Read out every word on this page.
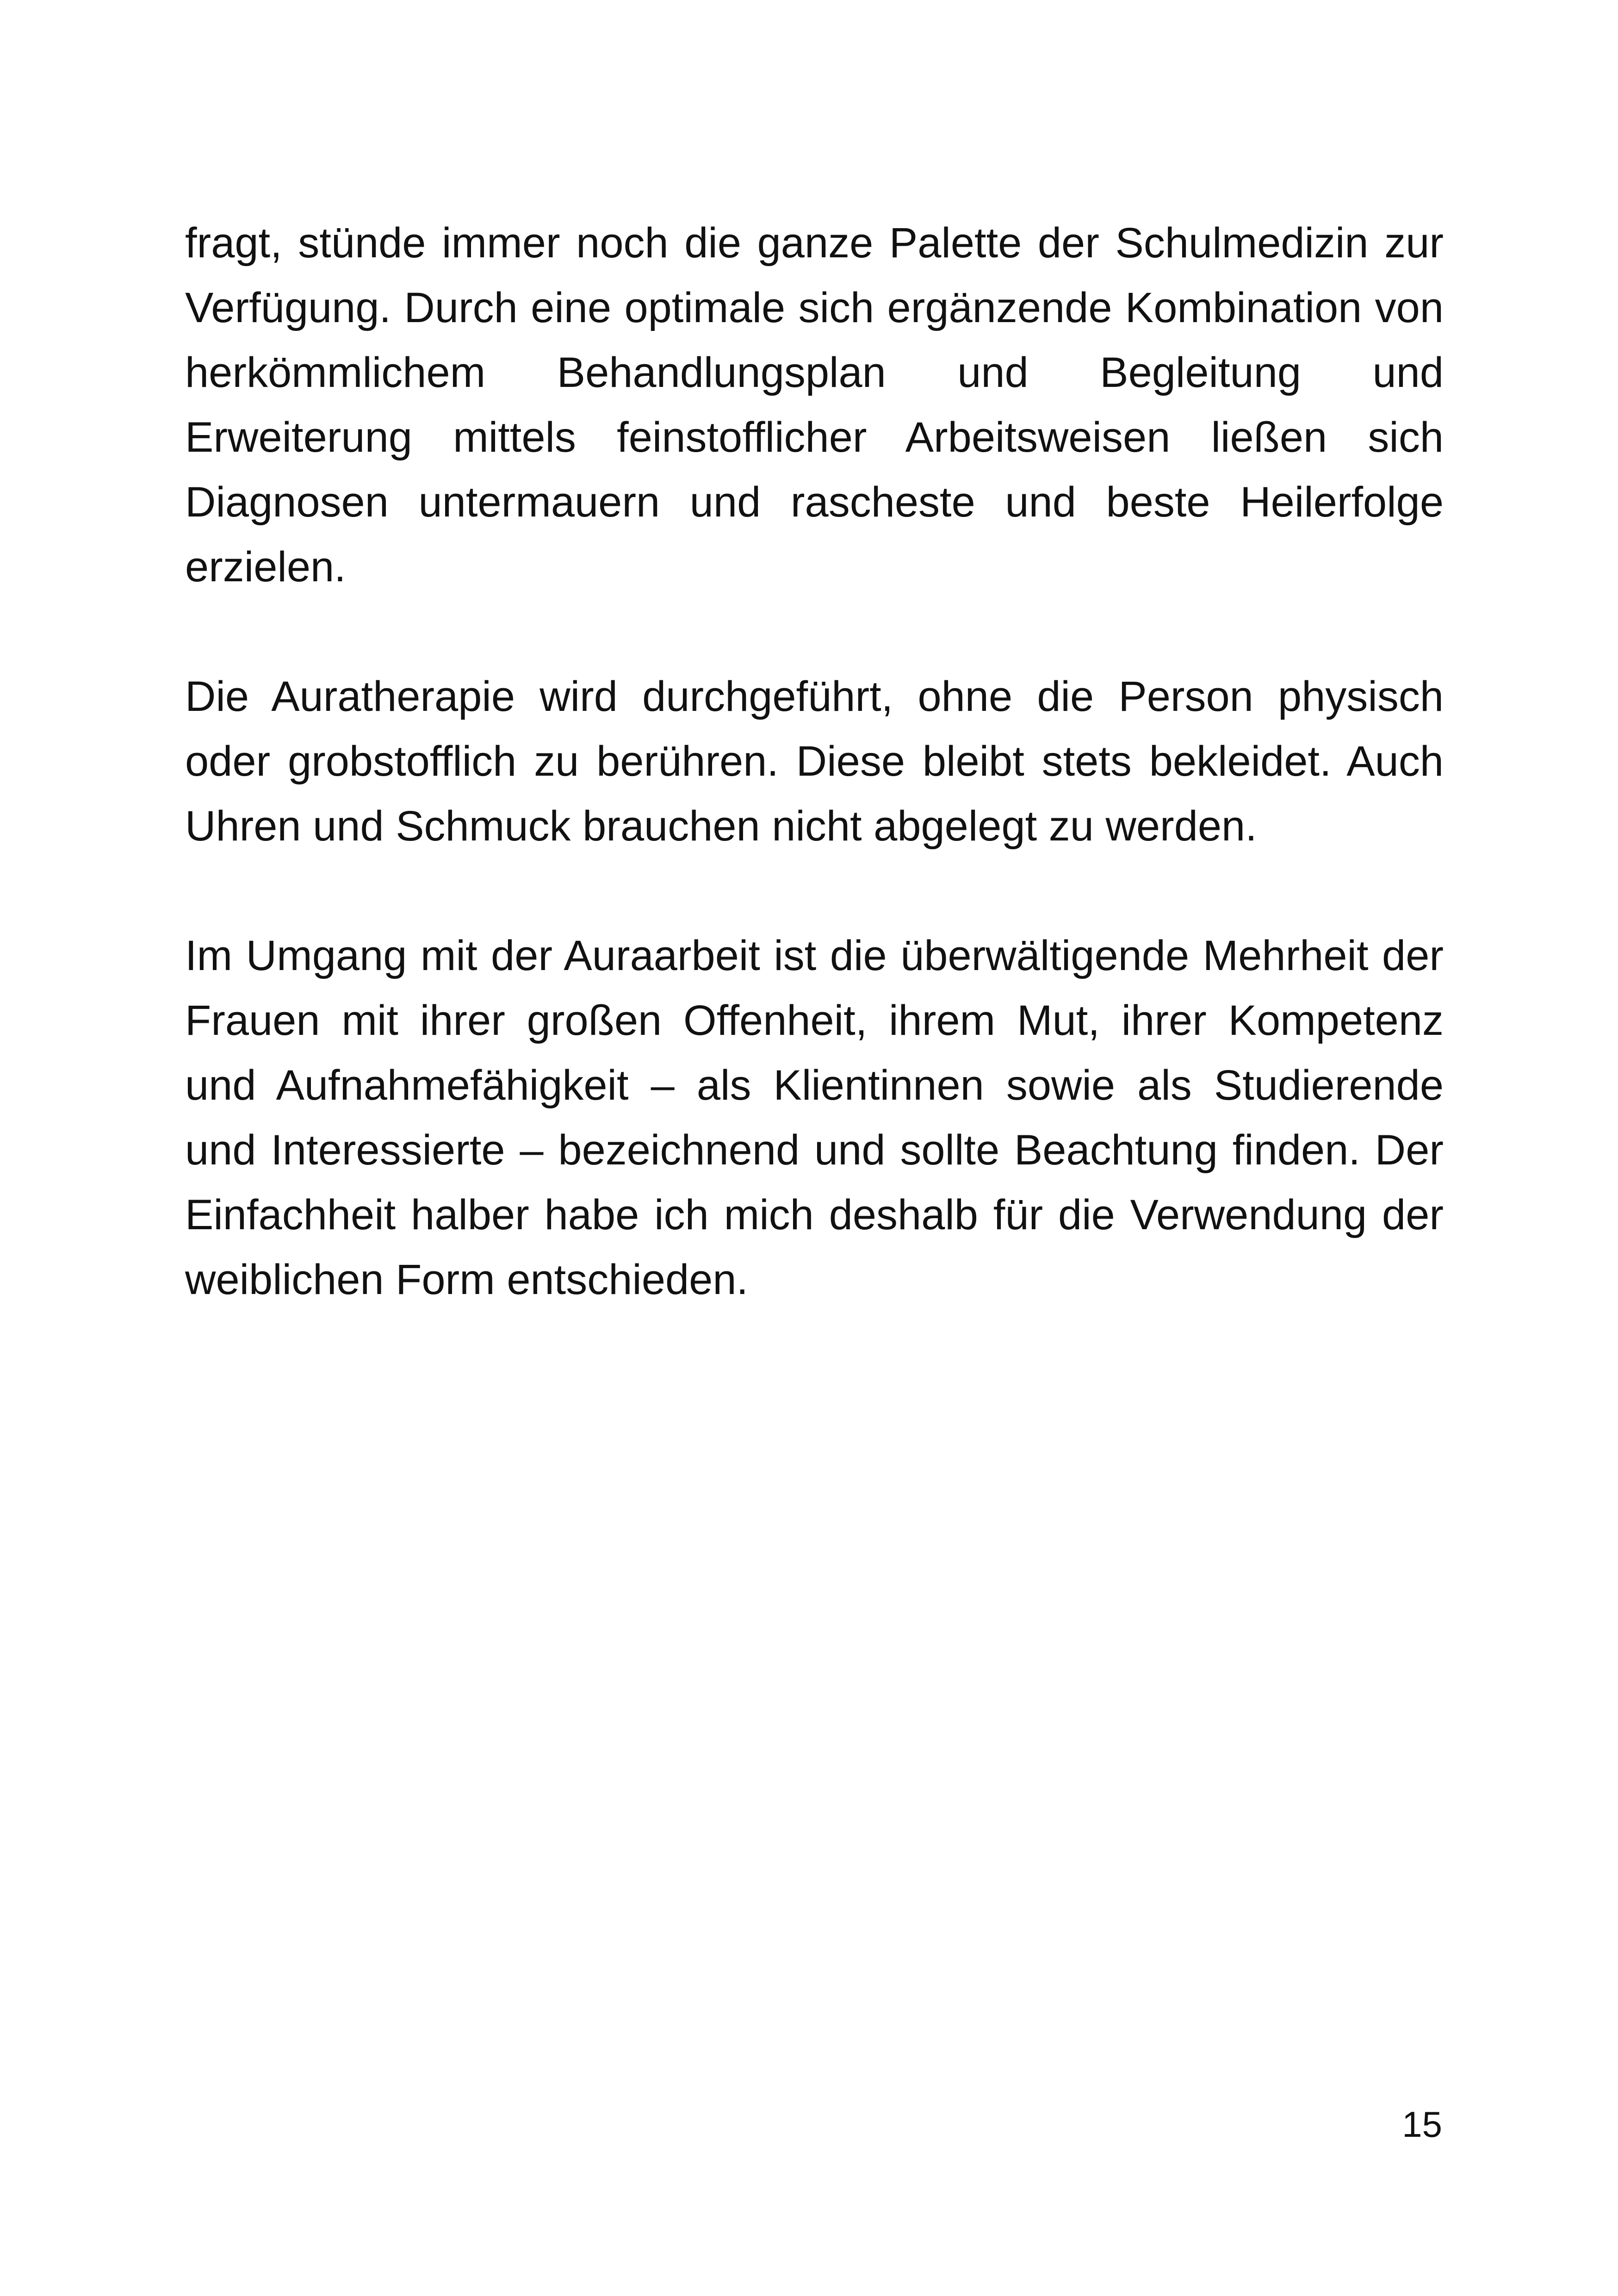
fragt, stünde immer noch die ganze Palette der Schulmedizin zur Verfügung. Durch eine optimale sich ergänzende Kombination von herkömmlichem Behandlungsplan und Begleitung und Erweiterung mittels feinstofflicher Arbeitsweisen ließen sich Diagnosen untermauern und rascheste und beste Heilerfolge erzielen.

Die Auratherapie wird durchgeführt, ohne die Person physisch oder grobstofflich zu berühren. Diese bleibt stets bekleidet. Auch Uhren und Schmuck brauchen nicht abgelegt zu werden.

Im Umgang mit der Auraarbeit ist die überwältigende Mehrheit der Frauen mit ihrer großen Offenheit, ihrem Mut, ihrer Kompetenz und Aufnahmefähigkeit – als Klientinnen sowie als Studierende und Interessierte – bezeichnend und sollte Beachtung finden. Der Einfachheit halber habe ich mich deshalb für die Verwendung der weiblichen Form entschieden.

15
